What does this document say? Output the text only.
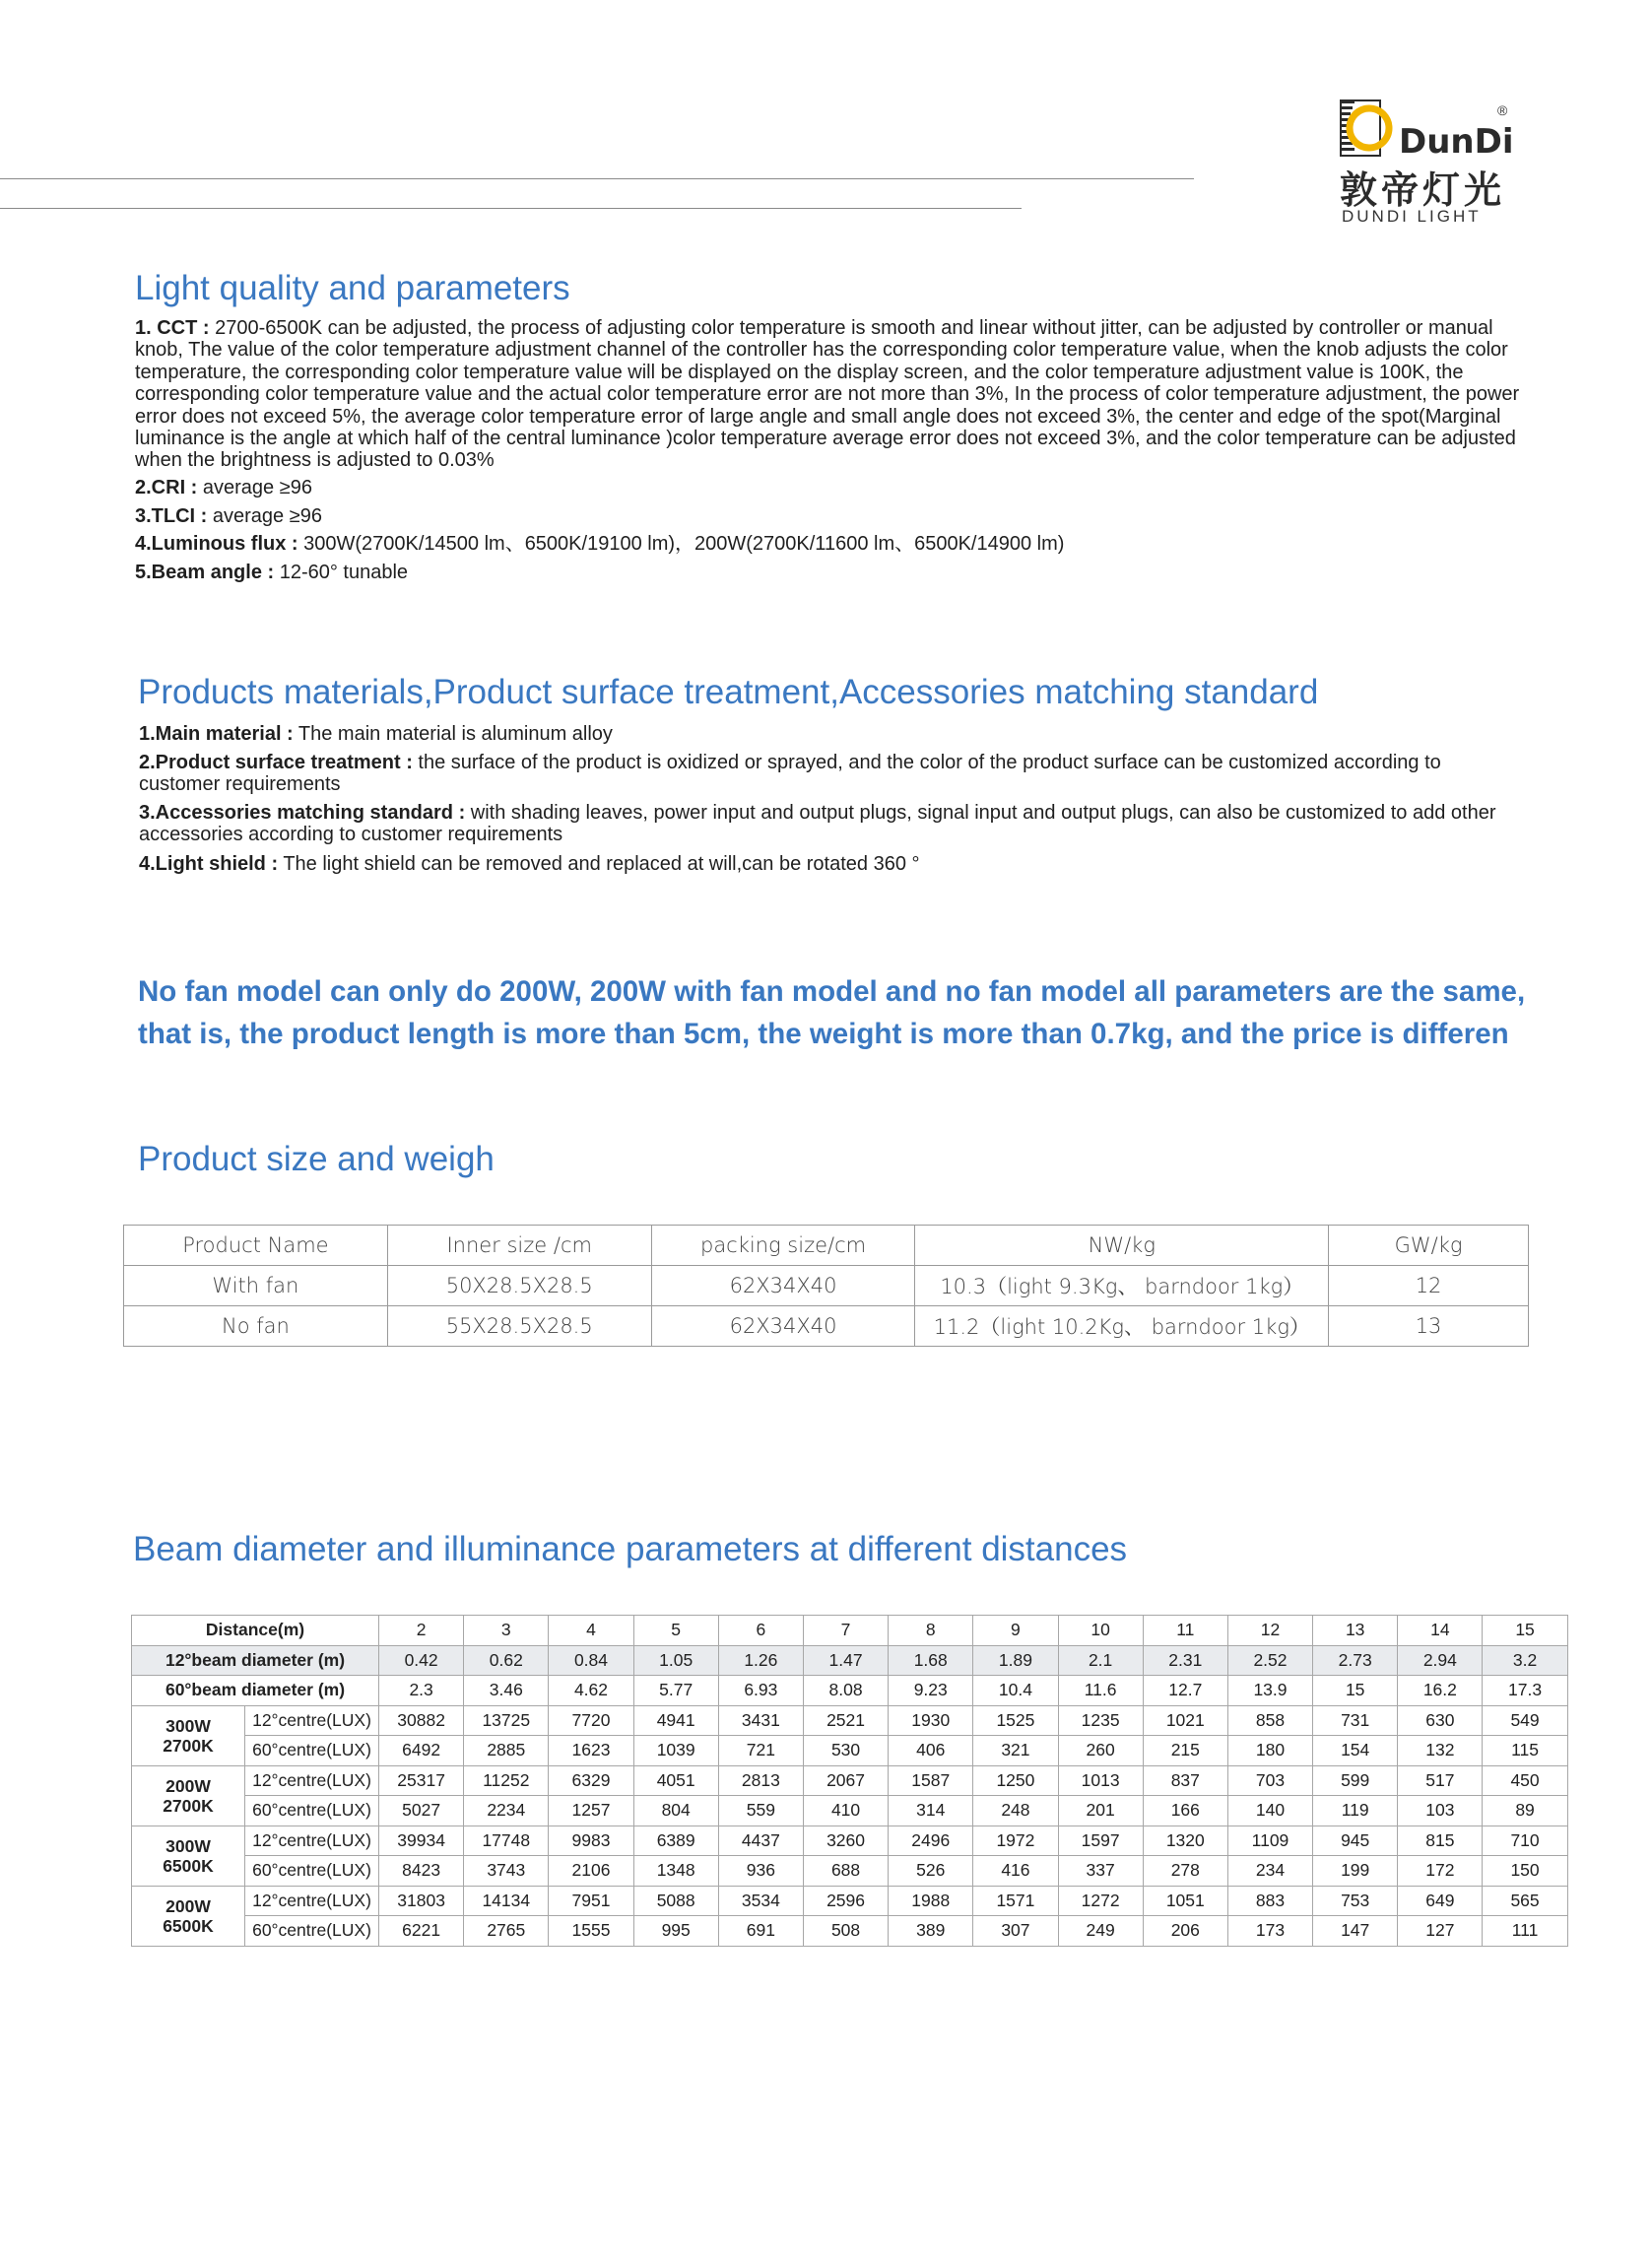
DunDi
®
敦帝灯光
DUNDI LIGHT
Light quality and parameters

1. CCT : 2700-6500K can be adjusted, the process of adjusting color temperature is smooth and linear without jitter, can be adjusted by controller or manual knob, The value of the color temperature adjustment channel of the controller has the corresponding color temperature value, when the knob adjusts the color temperature, the corresponding color temperature value will be displayed on the display screen, and the color temperature adjustment value is 100K, the corresponding color temperature value and the actual color temperature error are not more than 3%, In the process of color temperature adjustment, the power error does not exceed 5%, the average color temperature error of large angle and small angle does not exceed 3%, the center and edge of the spot(Marginal luminance is the angle at which half of the central luminance )color temperature average error does not exceed 3%, and the color temperature can be adjusted when the brightness is adjusted to 0.03%

2.CRI : average ≥96

3.TLCI : average ≥96

4.Luminous flux : 300W(2700K/14500 lm、6500K/19100 lm)，200W(2700K/11600 lm、6500K/14900 lm)

5.Beam angle : 12-60° tunable

Products materials,Product surface treatment,Accessories matching standard

1.Main material : The main material is aluminum alloy

2.Product surface treatment : the surface of the product is oxidized or sprayed, and the color of the product surface can be customized according to customer requirements

3.Accessories matching standard : with shading leaves, power input and output plugs, signal input and output plugs, can also be customized to add other accessories according to customer requirements

4.Light shield : The light shield can be removed and replaced at will,can be rotated 360 °

No fan model can only do 200W, 200W with fan model and no fan model all parameters are the same,
that is, the product length is more than 5cm, the weight is more than 0.7kg, and the price is differen

Product size and weigh
Product Name	Inner size /cm	packing size/cm	NW/kg	GW/kg
With fan	50X28.5X28.5	62X34X40	10.3（light 9.3Kg、 barndoor 1kg）	12
No fan	55X28.5X28.5	62X34X40	11.2（light 10.2Kg、 barndoor 1kg）	13
Beam diameter and illuminance parameters at different distances
Distance(m)		2	3	4	5	6	7	8	9	10	11	12	13	14	15
12°beam diameter (m)		0.42	0.62	0.84	1.05	1.26	1.47	1.68	1.89	2.1	2.31	2.52	2.73	2.94	3.2
60°beam diameter (m)		2.3	3.46	4.62	5.77	6.93	8.08	9.23	10.4	11.6	12.7	13.9	15	16.2	17.3
300W
2700K	12°centre(LUX)	30882	13725	7720	4941	3431	2521	1930	1525	1235	1021	858	731	630	549
	60°centre(LUX)	6492	2885	1623	1039	721	530	406	321	260	215	180	154	132	115
200W
2700K	12°centre(LUX)	25317	11252	6329	4051	2813	2067	1587	1250	1013	837	703	599	517	450
	60°centre(LUX)	5027	2234	1257	804	559	410	314	248	201	166	140	119	103	89
300W
6500K	12°centre(LUX)	39934	17748	9983	6389	4437	3260	2496	1972	1597	1320	1109	945	815	710
	60°centre(LUX)	8423	3743	2106	1348	936	688	526	416	337	278	234	199	172	150
200W
6500K	12°centre(LUX)	31803	14134	7951	5088	3534	2596	1988	1571	1272	1051	883	753	649	565
	60°centre(LUX)	6221	2765	1555	995	691	508	389	307	249	206	173	147	127	111
